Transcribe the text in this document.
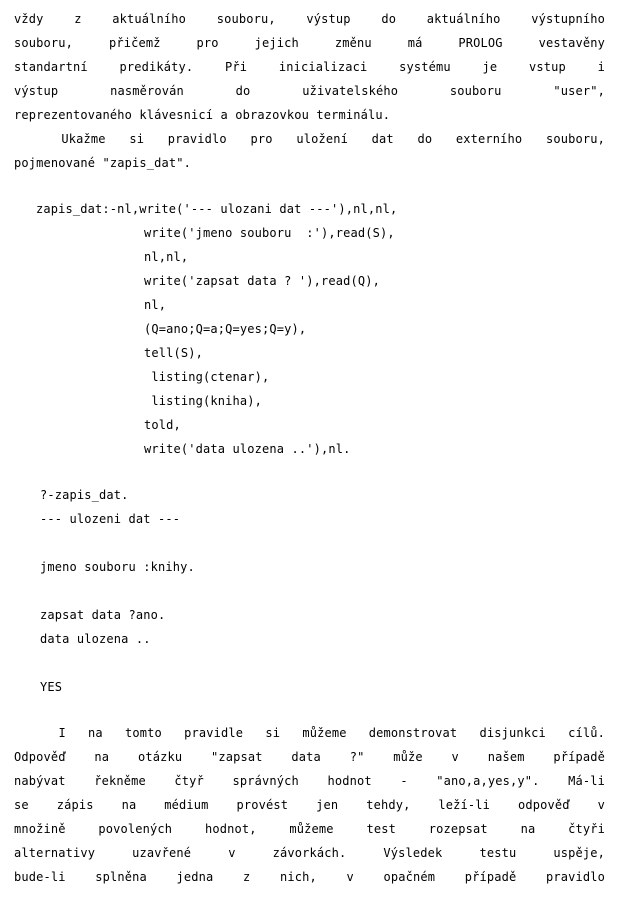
vždy z aktuálního souboru, výstup do aktuálního výstupního
souboru, přičemž pro jejich změnu má PROLOG vestavěny
standartní predikáty. Při inicializaci systému je vstup i
výstup nasměrován do uživatelského souboru "user",
reprezentovaného klávesnicí a obrazovkou terminálu.
Ukažme si pravidlo pro uložení dat do externího souboru,
pojmenované "zapis_dat".
zapis_dat:-nl,write('--- ulozani dat ---'),nl,nl,
write('jmeno souboru  :'),read(S),
nl,nl,
write('zapsat data ? '),read(Q),
nl,
(Q=ano;Q=a;Q=yes;Q=y),
tell(S),
listing(ctenar),
listing(kniha),
told,
write('data ulozena ..'),nl.
?-zapis_dat.
--- ulozeni dat ---
jmeno souboru :knihy.
zapsat data ?ano.
data ulozena ..
YES
I na tomto pravidle si můžeme demonstrovat disjunkci cílů.
Odpověď na otázku "zapsat data ?" může v našem případě
nabývat řekněme čtyř správných hodnot - "ano,a,yes,y". Má-li
se zápis na médium provést jen tehdy, leží-li odpověď v
množině povolených hodnot, můžeme test rozepsat na čtyři
alternativy uzavřené v závorkách. Výsledek testu uspěje,
bude-li splněna jedna z nich, v opačném případě pravidlo
